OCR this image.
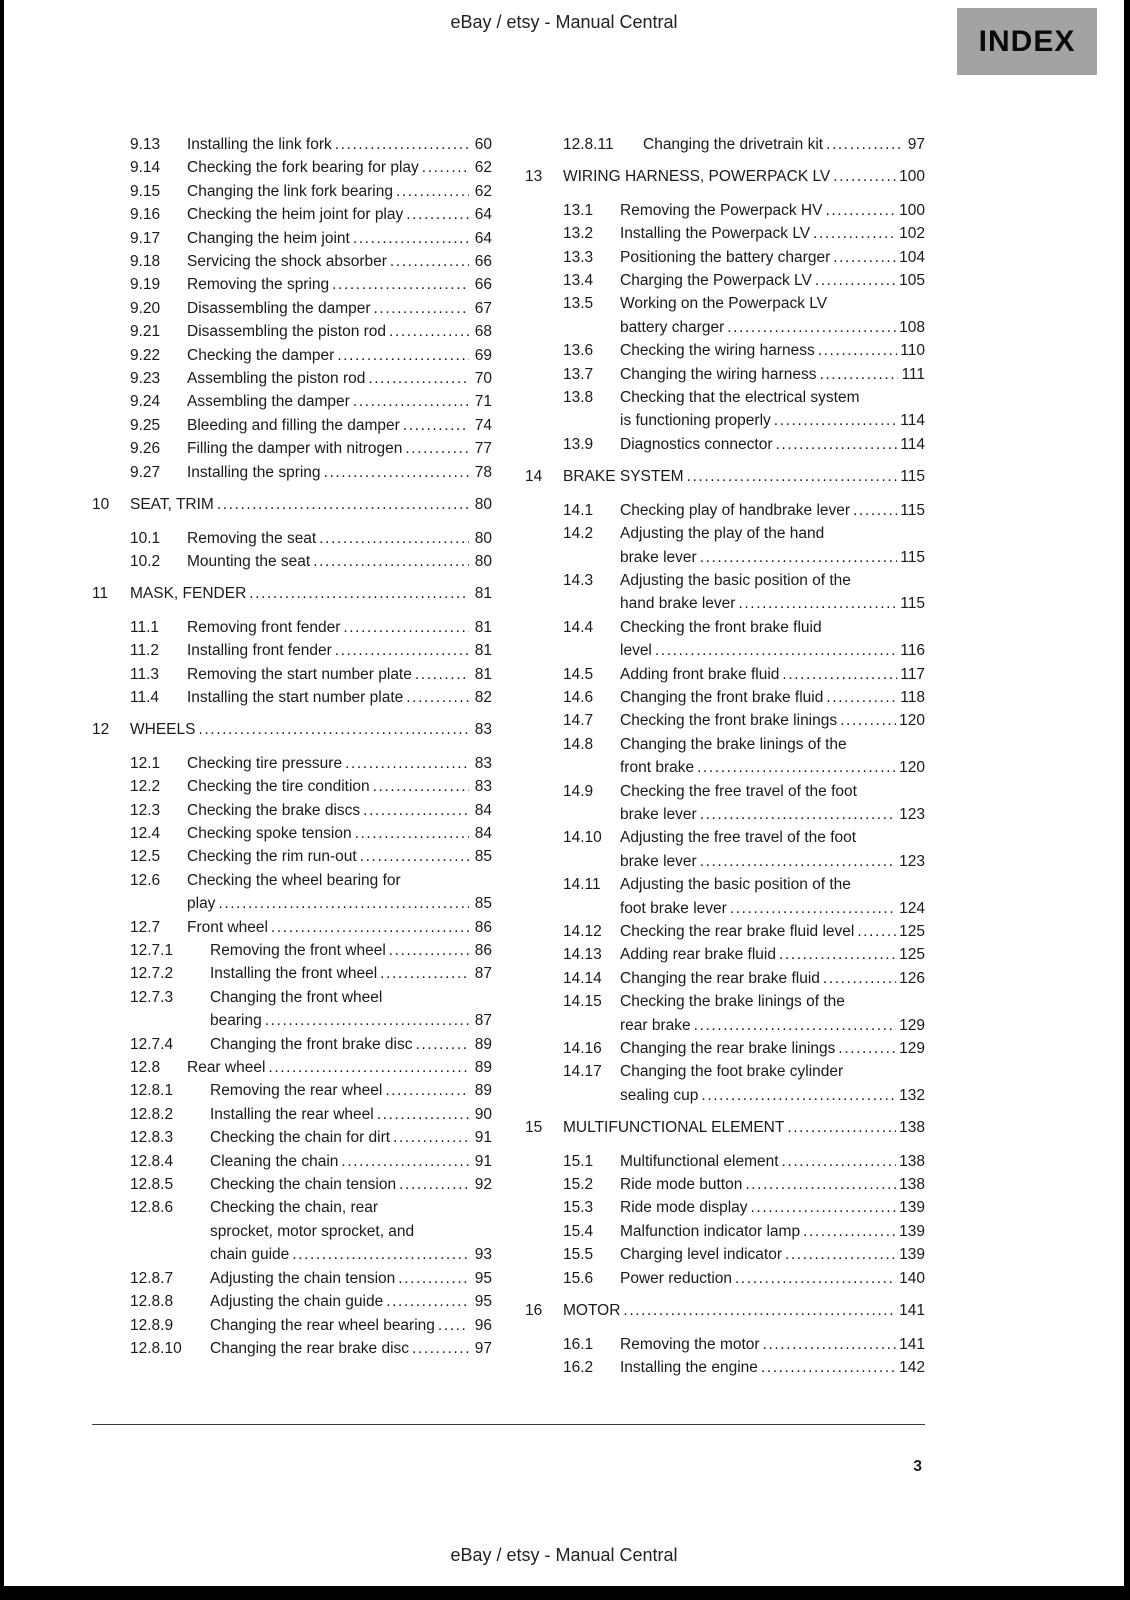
eBay / etsy - Manual Central
INDEX
9.13	Installing the link fork .....	60
9.14	Checking the fork bearing for play .....	62
9.15	Changing the link fork bearing .....	62
9.16	Checking the heim joint for play .....	64
9.17	Changing the heim joint .....	64
9.18	Servicing the shock absorber .....	66
9.19	Removing the spring .....	66
9.20	Disassembling the damper .....	67
9.21	Disassembling the piston rod .....	68
9.22	Checking the damper .....	69
9.23	Assembling the piston rod .....	70
9.24	Assembling the damper .....	71
9.25	Bleeding and filling the damper .....	74
9.26	Filling the damper with nitrogen .....	77
9.27	Installing the spring .....	78
10	SEAT, TRIM .....	80
10.1	Removing the seat .....	80
10.2	Mounting the seat .....	80
11	MASK, FENDER .....	81
11.1	Removing front fender .....	81
11.2	Installing front fender .....	81
11.3	Removing the start number plate .....	81
11.4	Installing the start number plate .....	82
12	WHEELS .....	83
12.1	Checking tire pressure .....	83
12.2	Checking the tire condition .....	83
12.3	Checking the brake discs .....	84
12.4	Checking spoke tension .....	84
12.5	Checking the rim run-out .....	85
12.6	Checking the wheel bearing for
play .....	85
12.7	Front wheel .....	86
12.7.1	Removing the front wheel .....	86
12.7.2	Installing the front wheel .....	87
12.7.3	Changing the front wheel
bearing .....	87
12.7.4	Changing the front brake disc .....	89
12.8	Rear wheel .....	89
12.8.1	Removing the rear wheel .....	89
12.8.2	Installing the rear wheel .....	90
12.8.3	Checking the chain for dirt .....	91
12.8.4	Cleaning the chain .....	91
12.8.5	Checking the chain tension .....	92
12.8.6	Checking the chain, rear
sprocket, motor sprocket, and
chain guide .....	93
12.8.7	Adjusting the chain tension .....	95
12.8.8	Adjusting the chain guide .....	95
12.8.9	Changing the rear wheel bearing .....	96
12.8.10	Changing the rear brake disc .....	97
12.8.11	Changing the drivetrain kit .....	97
13	WIRING HARNESS, POWERPACK LV .....	100
13.1	Removing the Powerpack HV .....	100
13.2	Installing the Powerpack LV .....	102
13.3	Positioning the battery charger .....	104
13.4	Charging the Powerpack LV .....	105
13.5	Working on the Powerpack LV
battery charger .....	108
13.6	Checking the wiring harness .....	110
13.7	Changing the wiring harness .....	111
13.8	Checking that the electrical system
is functioning properly .....	114
13.9	Diagnostics connector .....	114
14	BRAKE SYSTEM .....	115
14.1	Checking play of handbrake lever .....	115
14.2	Adjusting the play of the hand
brake lever .....	115
14.3	Adjusting the basic position of the
hand brake lever .....	115
14.4	Checking the front brake fluid
level .....	116
14.5	Adding front brake fluid .....	117
14.6	Changing the front brake fluid .....	118
14.7	Checking the front brake linings .....	120
14.8	Changing the brake linings of the
front brake .....	120
14.9	Checking the free travel of the foot
brake lever .....	123
14.10	Adjusting the free travel of the foot
brake lever .....	123
14.11	Adjusting the basic position of the
foot brake lever .....	124
14.12	Checking the rear brake fluid level .....	125
14.13	Adding rear brake fluid .....	125
14.14	Changing the rear brake fluid .....	126
14.15	Checking the brake linings of the
rear brake .....	129
14.16	Changing the rear brake linings .....	129
14.17	Changing the foot brake cylinder
sealing cup .....	132
15	MULTIFUNCTIONAL ELEMENT .....	138
15.1	Multifunctional element .....	138
15.2	Ride mode button .....	138
15.3	Ride mode display .....	139
15.4	Malfunction indicator lamp .....	139
15.5	Charging level indicator .....	139
15.6	Power reduction .....	140
16	MOTOR .....	141
16.1	Removing the motor .....	141
16.2	Installing the engine .....	142
3
eBay / etsy - Manual Central
